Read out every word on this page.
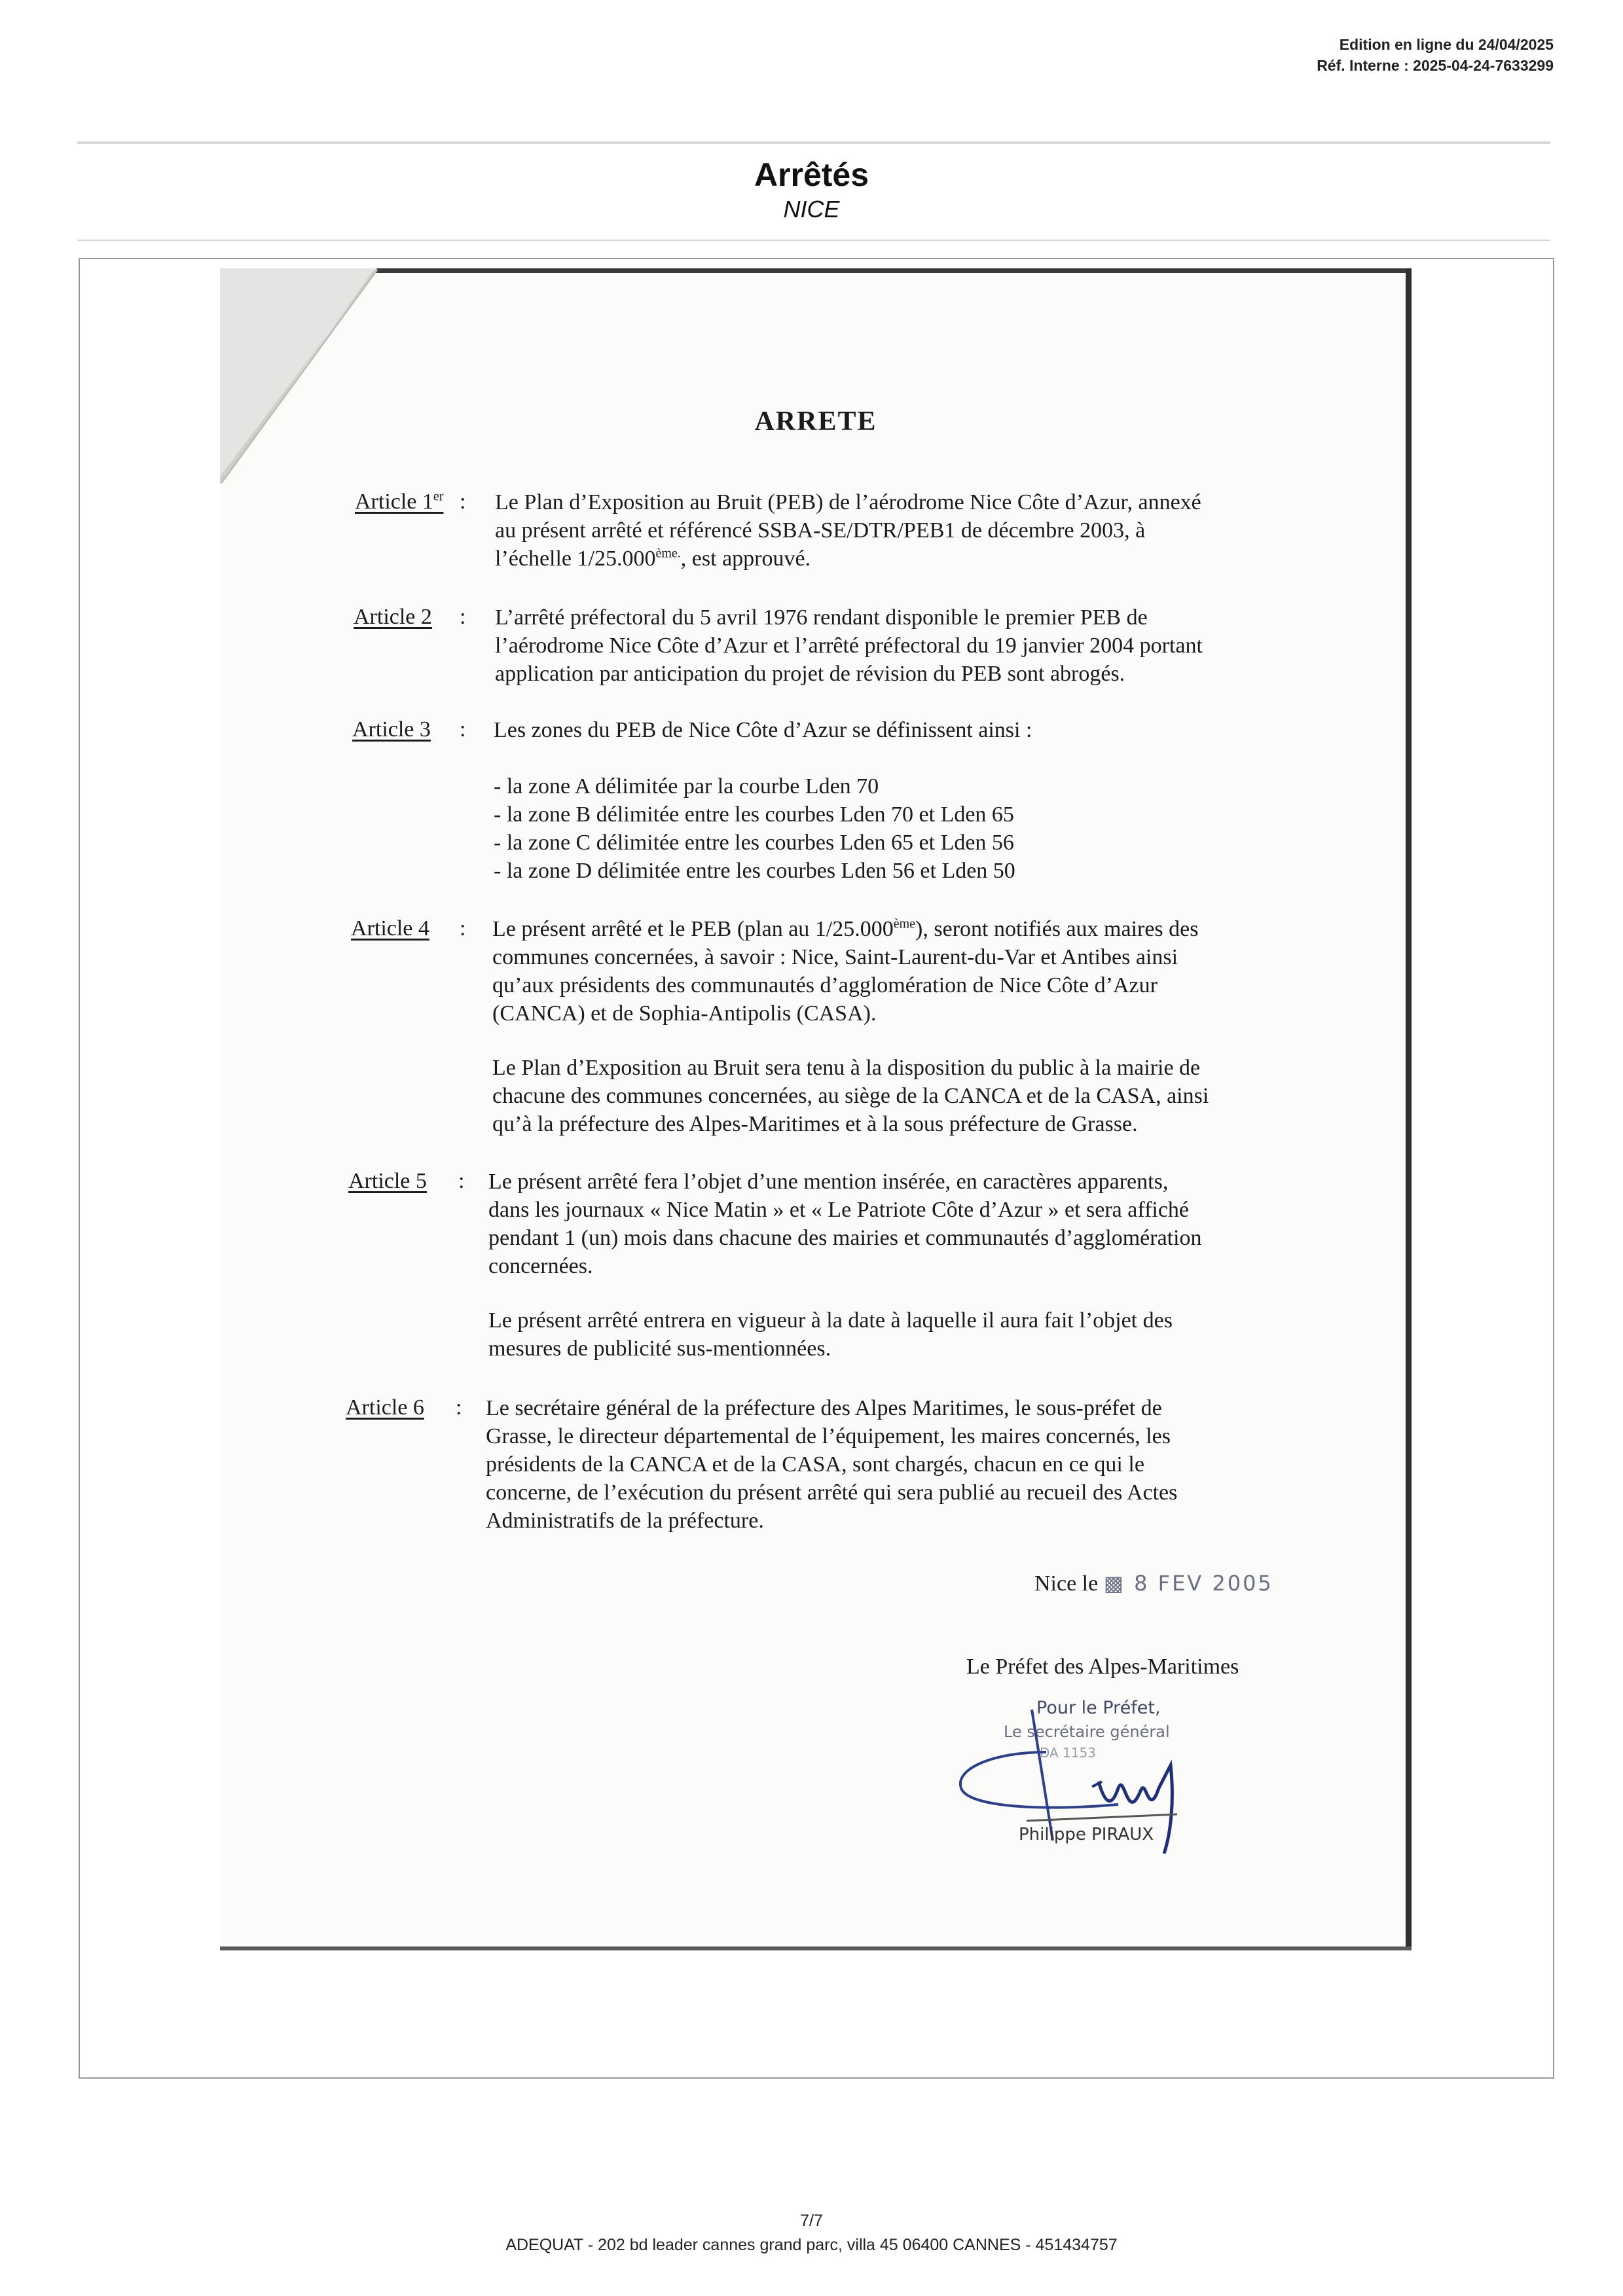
Edition en ligne du 24/04/2025
Réf. Interne : 2025-04-24-7633299
Arrêtés
NICE
ARRETE
Article 1er : Le Plan d’Exposition au Bruit (PEB) de l’aérodrome Nice Côte d’Azur, annexé
au présent arrêté et référencé SSBA-SE/DTR/PEB1 de décembre 2003, à
l’échelle $1/25.000^{ème.}$, est approuvé.
Article 2 : L’arrêté préfectoral du 5 avril 1976 rendant disponible le premier PEB de
l’aérodrome Nice Côte d’Azur et l’arrêté préfectoral du 19 janvier 2004 portant
application par anticipation du projet de révision du PEB sont abrogés.
Article 3 : Les zones du PEB de Nice Côte d’Azur se définissent ainsi :
- la zone A délimitée par la courbe Lden 70
- la zone B délimitée entre les courbes Lden 70 et Lden 65
- la zone C délimitée entre les courbes Lden 65 et Lden 56
- la zone D délimitée entre les courbes Lden 56 et Lden 50
Article 4 : Le présent arrêté et le PEB (plan au 1/25.000ème), seront notifiés aux maires des
communes concernées, à savoir : Nice, Saint-Laurent-du-Var et Antibes ainsi
qu’aux présidents des communautés d’agglomération de Nice Côte d’Azur
(CANCA) et de Sophia-Antipolis (CASA).
Le Plan d’Exposition au Bruit sera tenu à la disposition du public à la mairie de
chacune des communes concernées, au siège de la CANCA et de la CASA, ainsi
qu’à la préfecture des Alpes-Maritimes et à la sous préfecture de Grasse.
Article 5 : Le présent arrêté fera l’objet d’une mention insérée, en caractères apparents,
dans les journaux « Nice Matin » et « Le Patriote Côte d’Azur » et sera affiché
pendant 1 (un) mois dans chacune des mairies et communautés d’agglomération
concernées.
Le présent arrêté entrera en vigueur à la date à laquelle il aura fait l’objet des
mesures de publicité sus-mentionnées.
Article 6 : Le secrétaire général de la préfecture des Alpes Maritimes, le sous-préfet de
Grasse, le directeur départemental de l’équipement, les maires concernés, les
présidents de la CANCA et de la CASA, sont chargés, chacun en ce qui le
concerne, de l’exécution du présent arrêté qui sera publié au recueil des Actes
Administratifs de la préfecture.
Nice le ▩ 8 FEV 2005
Le Préfet des Alpes-Maritimes
Pour le Préfet,
Le secrétaire général
DA 1153
Philippe PIRAUX
7/7
ADEQUAT - 202 bd leader cannes grand parc, villa 45 06400 CANNES - 451434757
